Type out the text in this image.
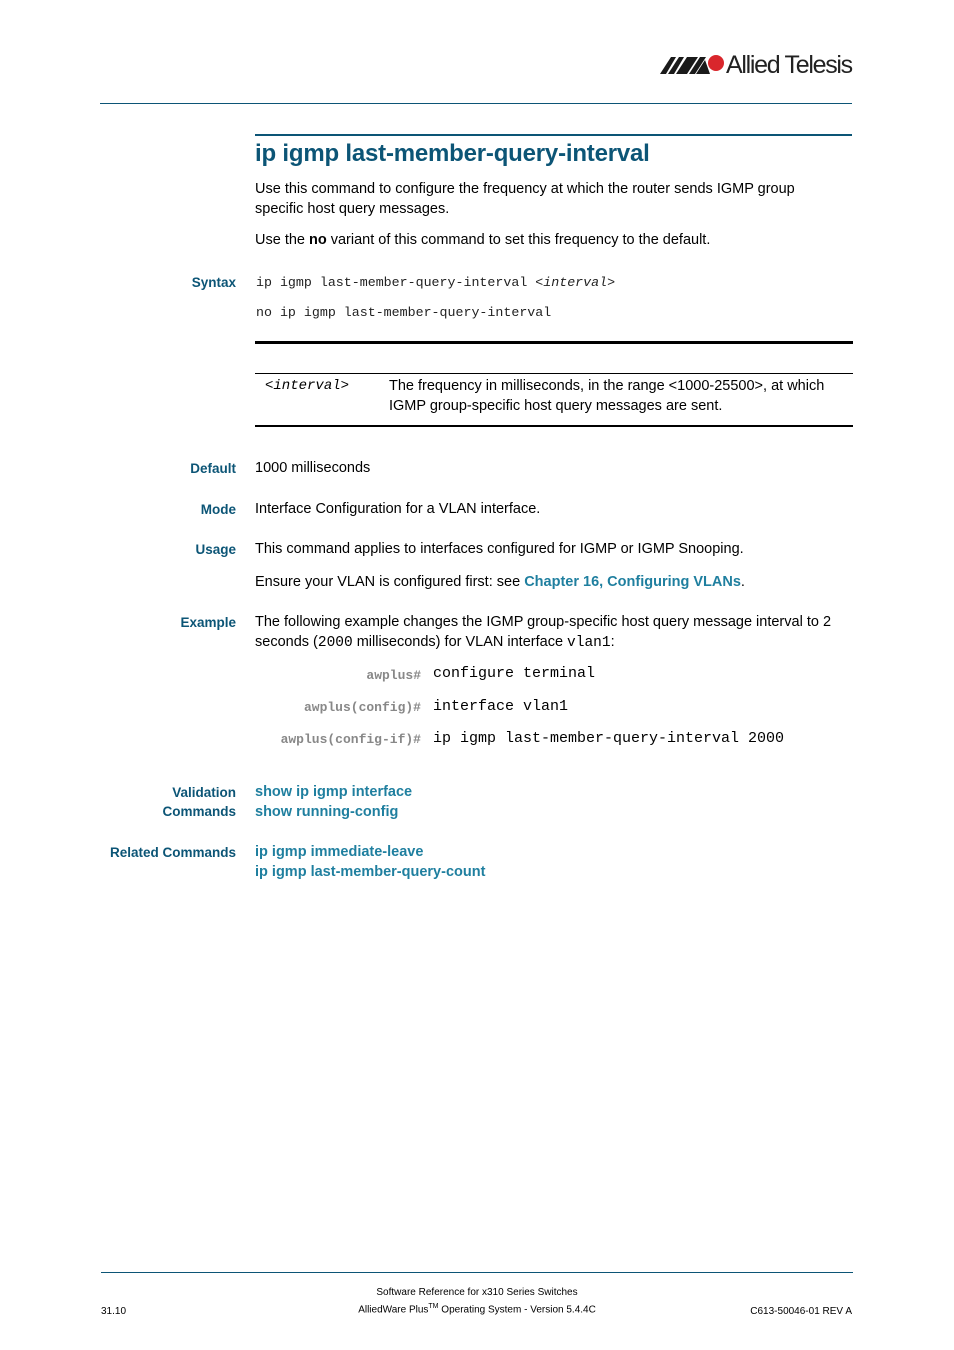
Allied Telesis
ip igmp last-member-query-interval

Use this command to configure the frequency at which the router sends IGMP group specific host query messages.

Use the no variant of this command to set this frequency to the default.

Syntax ip igmp last-member-query-interval <interval>
no ip igmp last-member-query-interval
<interval>	The frequency in milliseconds, in the range <1000-25500>, at which IGMP group-specific host query messages are sent.

Default 1000 milliseconds

Mode Interface Configuration for a VLAN interface.

Usage This command applies to interfaces configured for IGMP or IGMP Snooping.

Ensure your VLAN is configured first: see Chapter 16, Configuring VLANs.

Example The following example changes the IGMP group-specific host query message interval to 2 seconds (2000 milliseconds) for VLAN interface vlan1:

awplus# configure terminal
awplus(config)# interface vlan1
awplus(config-if)# ip igmp last-member-query-interval 2000
Validation
Commands
show ip igmp interface
show running-config
Related Commands ip igmp immediate-leave
ip igmp last-member-query-count
Software Reference for x310 Series Switches
31.10	AlliedWare Plus™ Operating System - Version 5.4.4C	C613-50046-01 REV A
